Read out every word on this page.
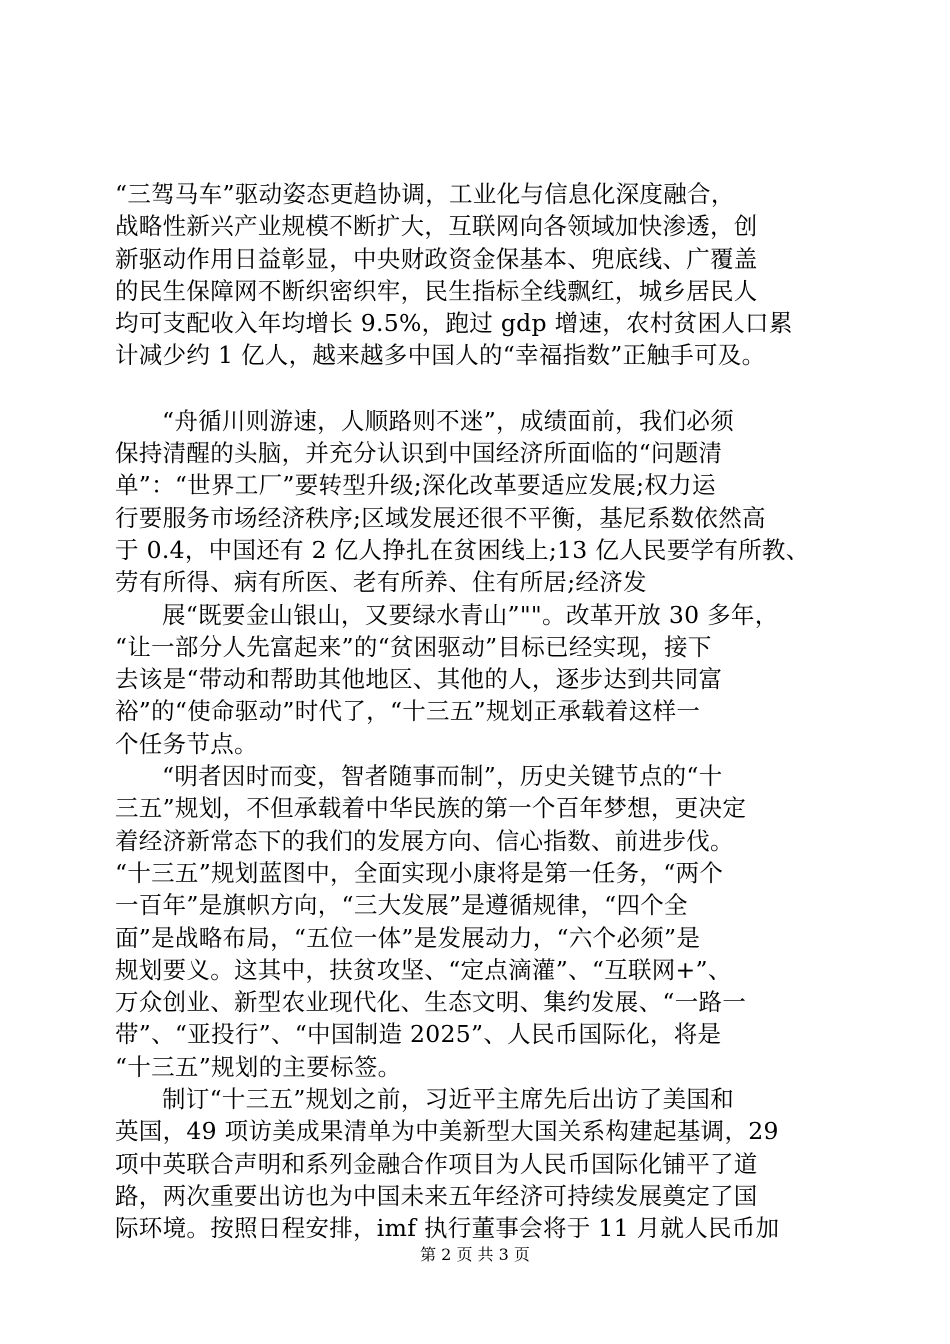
“三驾马车”驱动姿态更趋协调，工业化与信息化深度融合，
战略性新兴产业规模不断扩大，互联网向各领域加快渗透，创
新驱动作用日益彰显，中央财政资金保基本、兜底线、广覆盖
的民生保障网不断织密织牢，民生指标全线飘红，城乡居民人
均可支配收入年均增长 9.5%，跑过 gdp 增速，农村贫困人口累
计减少约 1 亿人，越来越多中国人的“幸福指数”正触手可及。

“舟循川则游速，人顺路则不迷”，成绩面前，我们必须
保持清醒的头脑，并充分认识到中国经济所面临的“问题清
单”：“世界工厂”要转型升级;深化改革要适应发展;权力运
行要服务市场经济秩序;区域发展还很不平衡，基尼系数依然高
于 0.4，中国还有 2 亿人挣扎在贫困线上;13 亿人民要学有所教、
劳有所得、病有所医、老有所养、住有所居;经济发

展“既要金山银山，又要绿水青山”""。改革开放 30 多年，
“让一部分人先富起来”的“贫困驱动”目标已经实现，接下
去该是“带动和帮助其他地区、其他的人，逐步达到共同富
裕”的“使命驱动”时代了，“十三五”规划正承载着这样一
个任务节点。

“明者因时而变，智者随事而制”，历史关键节点的“十
三五”规划，不但承载着中华民族的第一个百年梦想，更决定
着经济新常态下的我们的发展方向、信心指数、前进步伐。
“十三五”规划蓝图中，全面实现小康将是第一任务，“两个
一百年”是旗帜方向，“三大发展”是遵循规律，“四个全
面”是战略布局，“五位一体”是发展动力，“六个必须”是
规划要义。这其中，扶贫攻坚、“定点滴灌”、“互联网+”、
万众创业、新型农业现代化、生态文明、集约发展、“一路一
带”、“亚投行”、“中国制造 2025”、人民币国际化，将是
“十三五”规划的主要标签。

制订“十三五”规划之前，习近平主席先后出访了美国和
英国，49 项访美成果清单为中美新型大国关系构建起基调，29
项中英联合声明和系列金融合作项目为人民币国际化铺平了道
路，两次重要出访也为中国未来五年经济可持续发展奠定了国
际环境。按照日程安排，imf 执行董事会将于 11 月就人民币加

第 2 页 共 3 页
